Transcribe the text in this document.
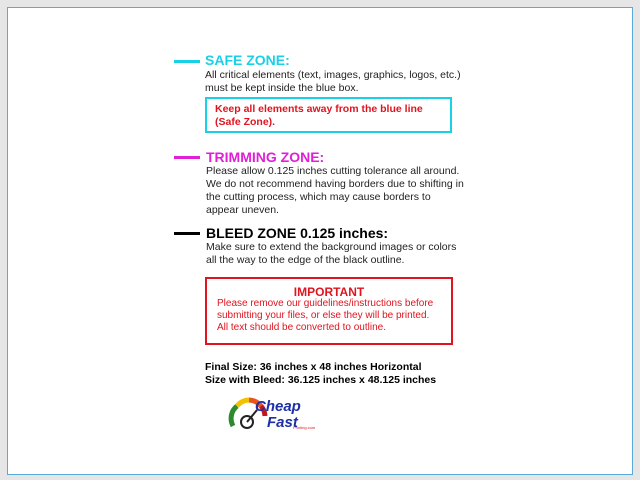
SAFE ZONE:
All critical elements (text, images, graphics, logos, etc.)
must be kept inside the blue box.
Keep all elements away from the blue line
(Safe Zone).
TRIMMING ZONE:
Please allow 0.125 inches cutting tolerance all around.
We do not recommend having borders due to shifting in
the cutting process, which may cause borders to
appear uneven.
BLEED ZONE 0.125 inches:
Make sure to extend the background images or colors
all the way to the edge of the black outline.
IMPORTANT
Please remove our guidelines/instructions before
submitting your files, or else they will be printed.
All text should be converted to outline.
Final Size: 36 inches x 48 inches Horizontal
Size with Bleed: 36.125 inches x 48.125 inches
Cheap
Fast
Printing.com
